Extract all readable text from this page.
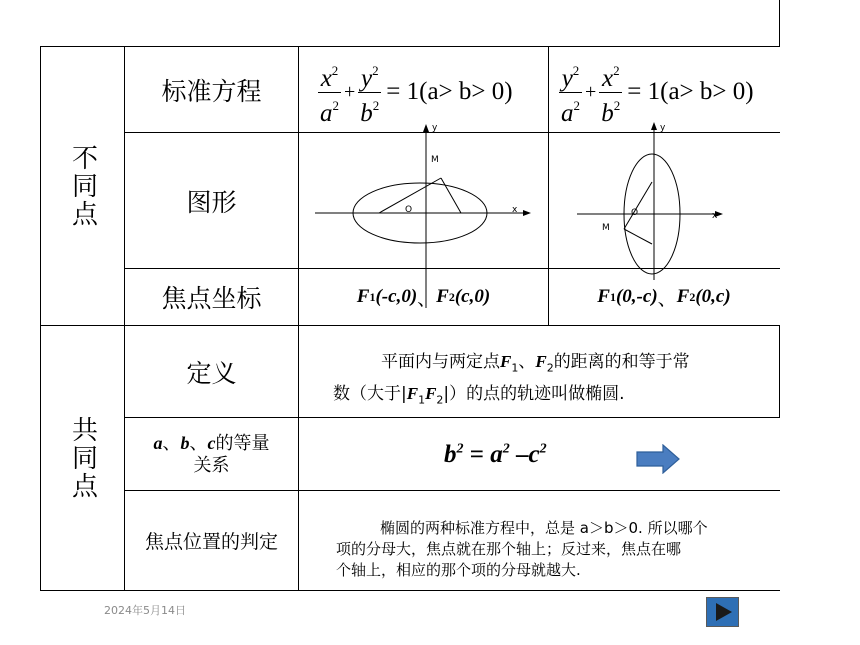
不同点
共同点
标准方程
图形
焦点坐标
定义
a、b、c的等量
关系
焦点位置的判定
$\frac{x^2}{a^2} + \frac{y^2}{b^2} = 1(a> b> 0) \frac{y^2}{a^2} + \frac{x^2}{b^2} = 1(a> b> 0)$
y
M
O	x
y
O
M
x
F 1 (-c,0) 、 F 2 (c,0)	F 1 (0,-c) 、 F 2 (0,c)
平面内与两定点$F_1$、$F_2$的距离的和等于常
数（大于$|F_1F_2|$）的点的轨迹叫做椭圆.
$b^2 = a^2$ $-c^2$
椭圆的两种标准方程中，总是 a＞b＞0. 所以哪个
项的分母大，焦点就在那个轴上；反过来，焦点在哪
个轴上，相应的那个项的分母就越大.
2024年5月14日
